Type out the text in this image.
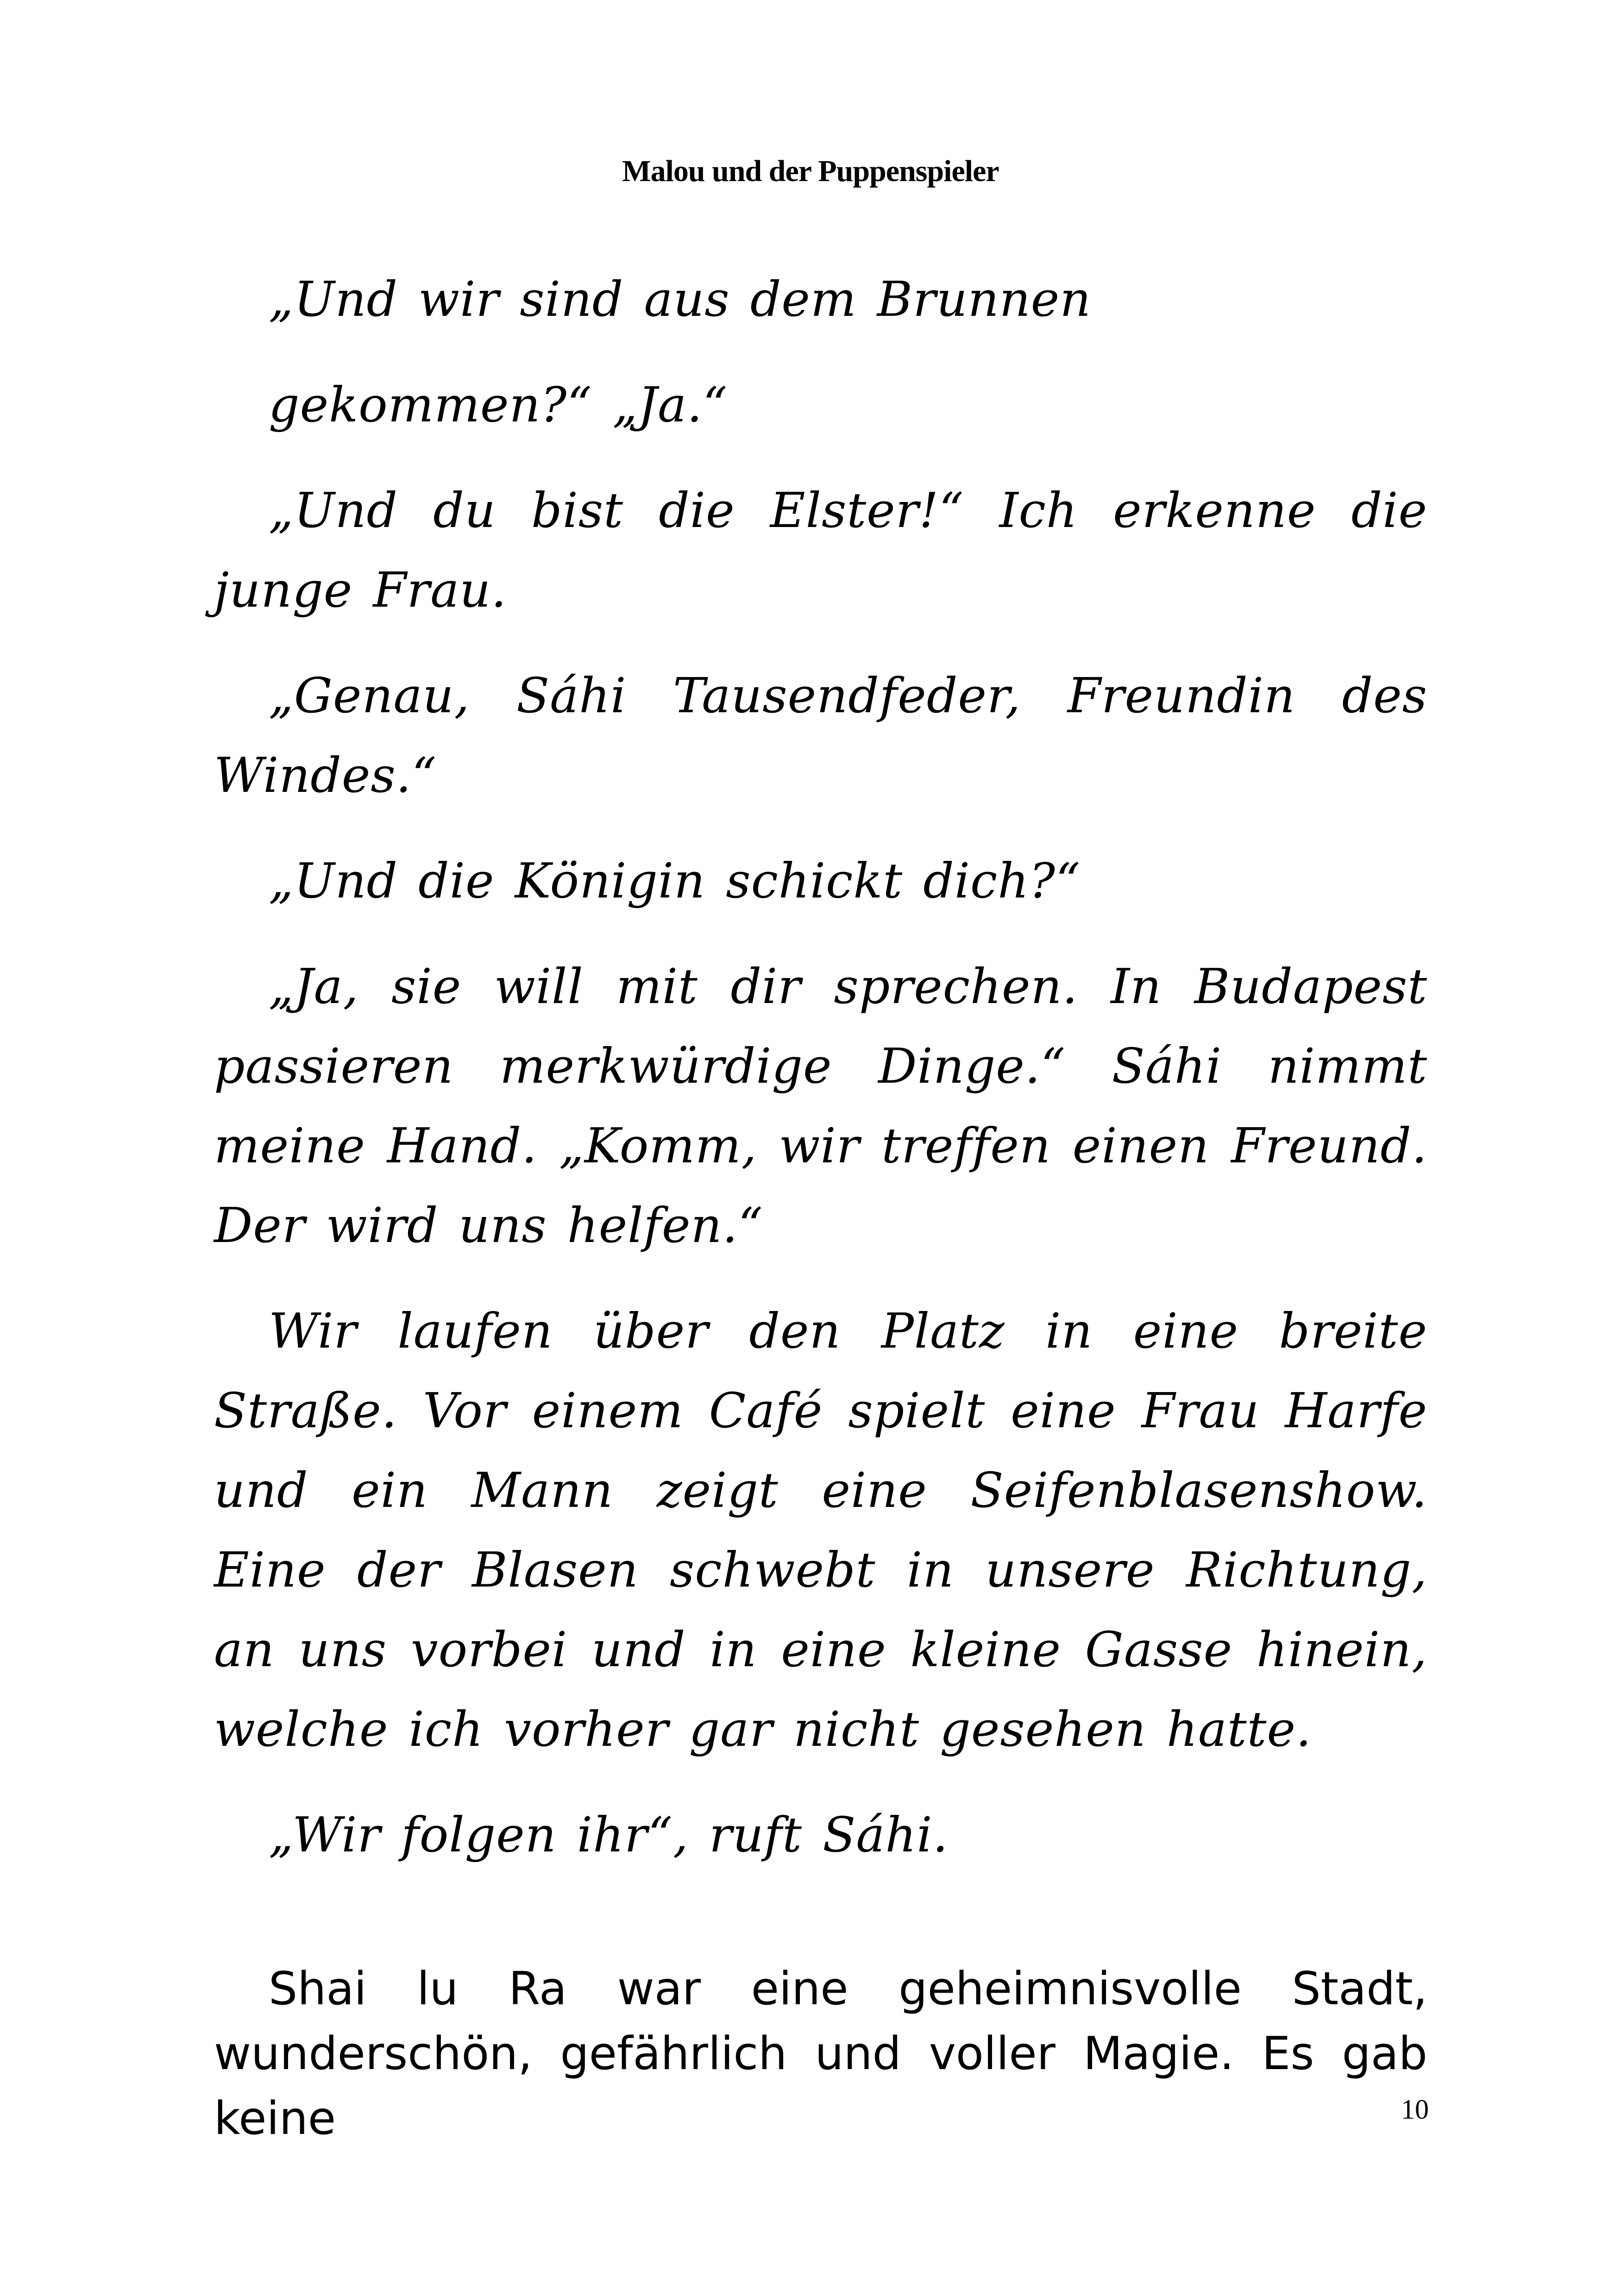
Malou und der Puppenspieler

„Und wir sind aus dem Brunnen

gekommen?“ „Ja.“

„Und du bist die Elster!“ Ich erkenne die junge Frau.

„Genau, Sáhi Tausendfeder, Freundin des Windes.“

„Und die Königin schickt dich?“

„Ja, sie will mit dir sprechen. In Budapest passieren merkwürdige Dinge.“ Sáhi nimmt meine Hand. „Komm, wir treffen einen Freund. Der wird uns helfen.“

Wir laufen über den Platz in eine breite Straße. Vor einem Café spielt eine Frau Harfe und ein Mann zeigt eine Seifenblasenshow. Eine der Blasen schwebt in unsere Richtung, an uns vorbei und in eine kleine Gasse hinein, welche ich vorher gar nicht gesehen hatte.

„Wir folgen ihr“, ruft Sáhi.

Shai lu Ra war eine geheimnisvolle Stadt, wunderschön, gefährlich und voller Magie. Es gab keine	10
